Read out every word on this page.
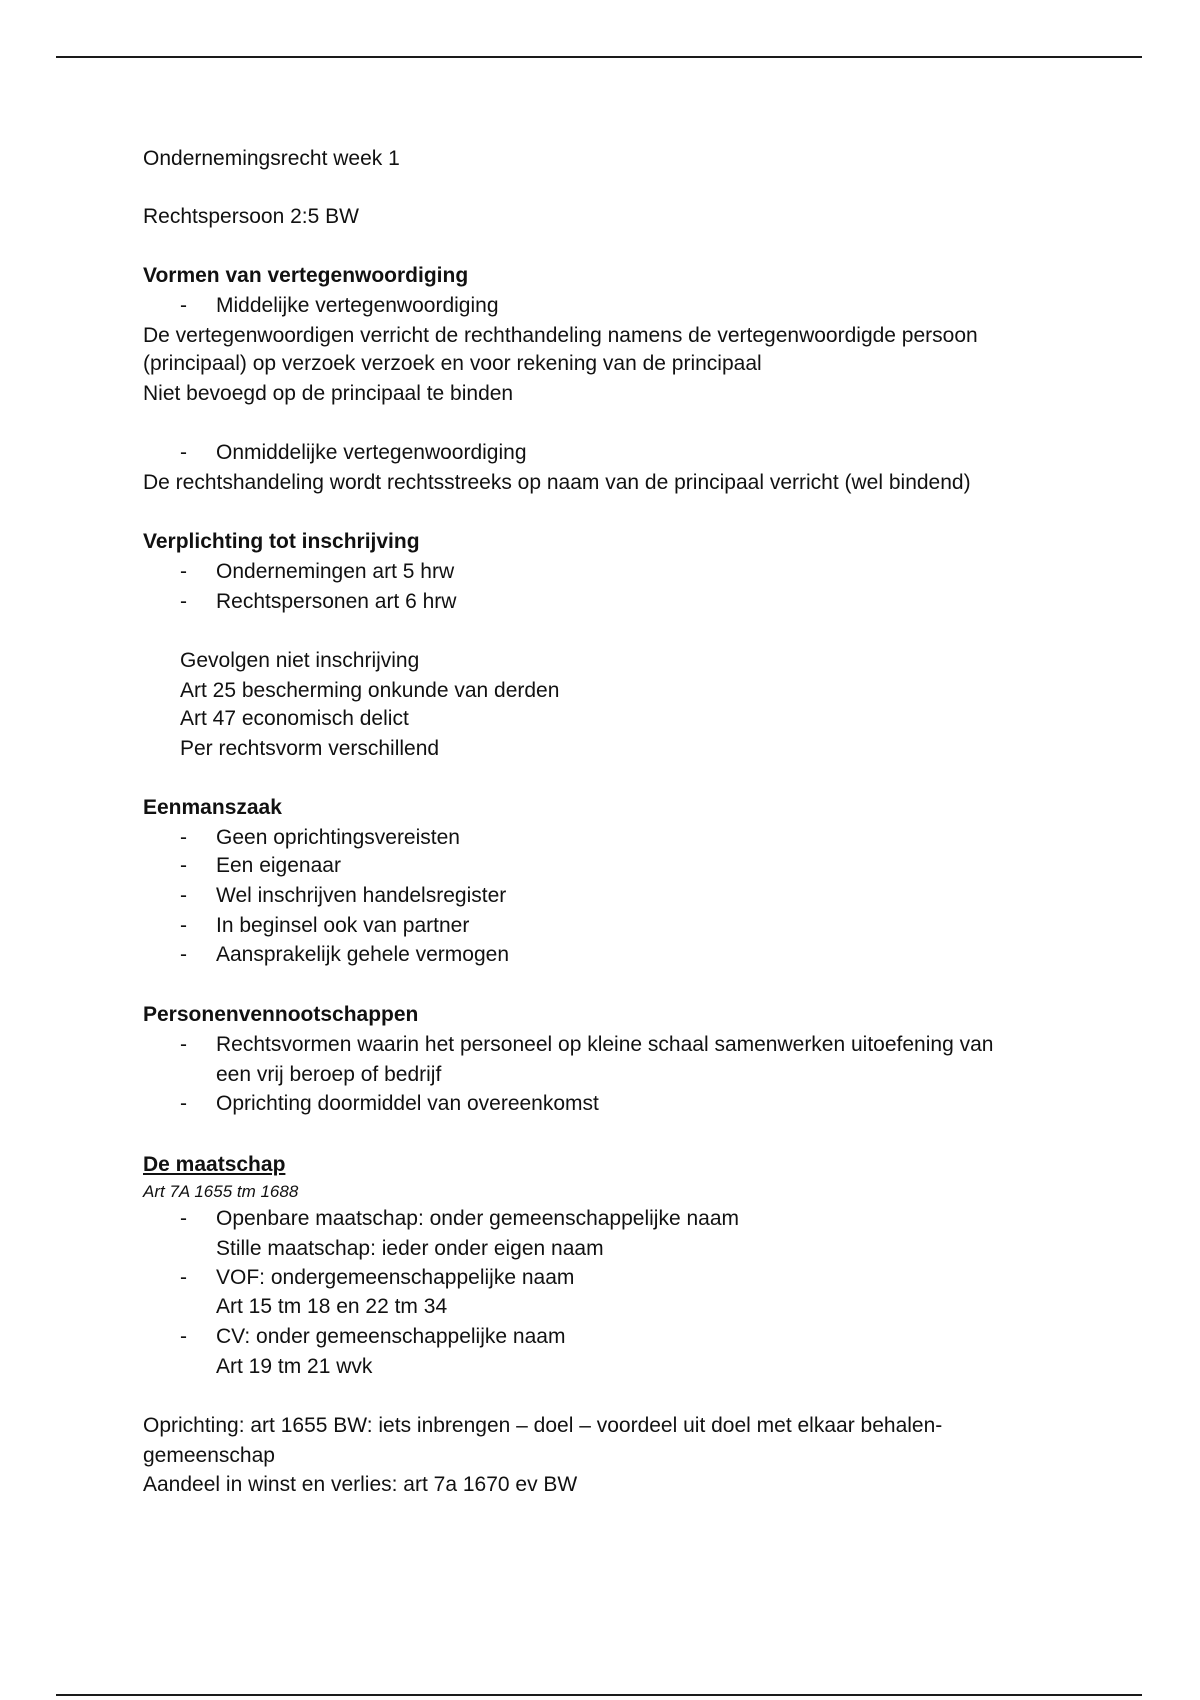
Ondernemingsrecht week 1
Rechtspersoon 2:5 BW
Vormen van vertegenwoordiging
- Middelijke vertegenwoordiging
De vertegenwoordigen verricht de rechthandeling namens de vertegenwoordigde persoon
(principaal) op verzoek verzoek en voor rekening van de principaal
Niet bevoegd op de principaal te binden
- Onmiddelijke vertegenwoordiging
De rechtshandeling wordt rechtsstreeks op naam van de principaal verricht (wel bindend)
Verplichting tot inschrijving
- Ondernemingen art 5 hrw
- Rechtspersonen art 6 hrw
Gevolgen niet inschrijving
Art 25 bescherming onkunde van derden
Art 47 economisch delict
Per rechtsvorm verschillend
Eenmanszaak
- Geen oprichtingsvereisten
- Een eigenaar
- Wel inschrijven handelsregister
- In beginsel ook van partner
- Aansprakelijk gehele vermogen
Personenvennootschappen
- Rechtsvormen waarin het personeel op kleine schaal samenwerken uitoefening van
een vrij beroep of bedrijf
- Oprichting doormiddel van overeenkomst
De maatschap
Art 7A 1655 tm 1688
- Openbare maatschap: onder gemeenschappelijke naam
Stille maatschap: ieder onder eigen naam
- VOF: ondergemeenschappelijke naam
Art 15 tm 18 en 22 tm 34
- CV: onder gemeenschappelijke naam
Art 19 tm 21 wvk
Oprichting: art 1655 BW: iets inbrengen – doel – voordeel uit doel met elkaar behalen-
gemeenschap
Aandeel in winst en verlies: art 7a 1670 ev BW
